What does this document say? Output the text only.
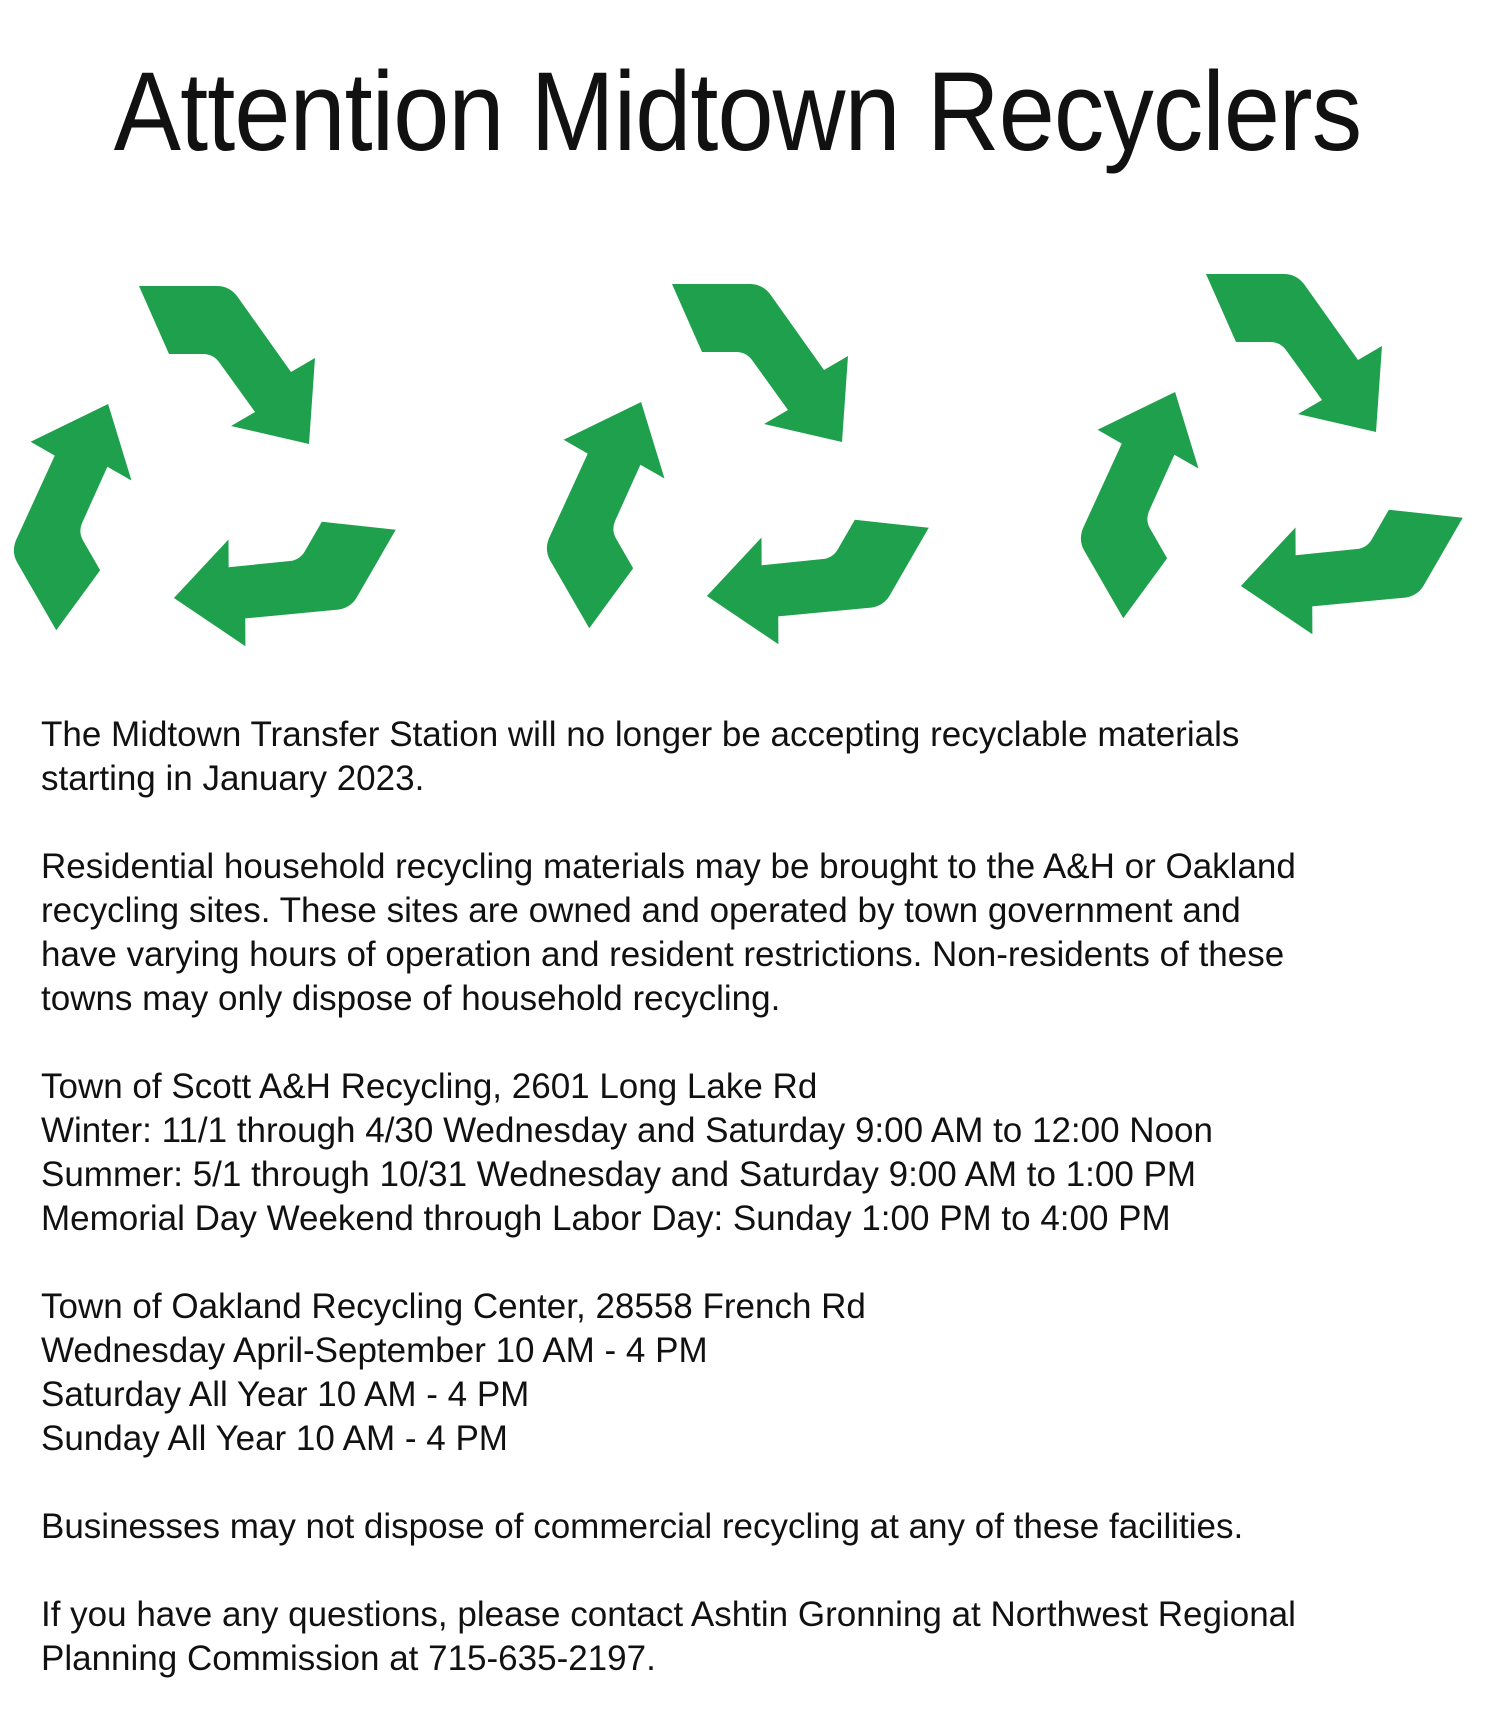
Attention Midtown Recyclers

The Midtown Transfer Station will no longer be accepting recyclable materials
starting in January 2023.

Residential household recycling materials may be brought to the A&H or Oakland
recycling sites. These sites are owned and operated by town government and
have varying hours of operation and resident restrictions. Non-residents of these
towns may only dispose of household recycling.

Town of Scott A&H Recycling, 2601 Long Lake Rd
Winter: 11/1 through 4/30 Wednesday and Saturday 9:00 AM to 12:00 Noon
Summer: 5/1 through 10/31 Wednesday and Saturday 9:00 AM to 1:00 PM
Memorial Day Weekend through Labor Day: Sunday 1:00 PM to 4:00 PM

Town of Oakland Recycling Center, 28558 French Rd
Wednesday April-September 10 AM - 4 PM
Saturday All Year 10 AM - 4 PM
Sunday All Year 10 AM - 4 PM

Businesses may not dispose of commercial recycling at any of these facilities.

If you have any questions, please contact Ashtin Gronning at Northwest Regional
Planning Commission at 715-635-2197.
